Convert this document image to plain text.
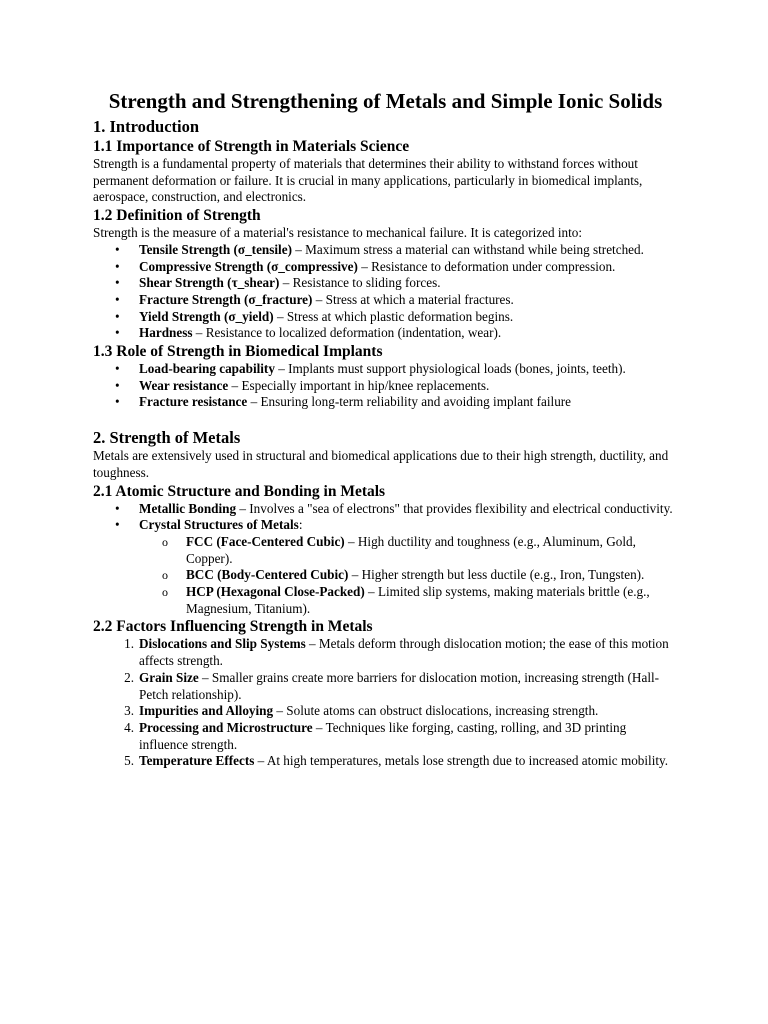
Strength and Strengthening of Metals and Simple Ionic Solids
1. Introduction
1.1 Importance of Strength in Materials Science

Strength is a fundamental property of materials that determines their ability to withstand forces without permanent deformation or failure. It is crucial in many applications, particularly in biomedical implants, aerospace, construction, and electronics.

1.2 Definition of Strength

Strength is the measure of a material's resistance to mechanical failure. It is categorized into:

• Tensile Strength (σ_tensile) – Maximum stress a material can withstand while being stretched.
• Compressive Strength (σ_compressive) – Resistance to deformation under compression.
• Shear Strength (τ_shear) – Resistance to sliding forces.
• Fracture Strength (σ_fracture) – Stress at which a material fractures.
• Yield Strength (σ_yield) – Stress at which plastic deformation begins.
• Hardness – Resistance to localized deformation (indentation, wear).
1.3 Role of Strength in Biomedical Implants
• Load-bearing capability – Implants must support physiological loads (bones, joints, teeth).
• Wear resistance – Especially important in hip/knee replacements.
• Fracture resistance – Ensuring long-term reliability and avoiding implant failure
2. Strength of Metals

Metals are extensively used in structural and biomedical applications due to their high strength, ductility, and toughness.

2.1 Atomic Structure and Bonding in Metals
• Metallic Bonding – Involves a "sea of electrons" that provides flexibility and electrical conductivity.
• Crystal Structures of Metals:
o FCC (Face-Centered Cubic) – High ductility and toughness (e.g., Aluminum, Gold, Copper).
o BCC (Body-Centered Cubic) – Higher strength but less ductile (e.g., Iron, Tungsten).
o HCP (Hexagonal Close-Packed) – Limited slip systems, making materials brittle (e.g., Magnesium, Titanium).
2.2 Factors Influencing Strength in Metals
1. Dislocations and Slip Systems – Metals deform through dislocation motion; the ease of this motion affects strength.
2. Grain Size – Smaller grains create more barriers for dislocation motion, increasing strength (Hall-Petch relationship).
3. Impurities and Alloying – Solute atoms can obstruct dislocations, increasing strength.
4. Processing and Microstructure – Techniques like forging, casting, rolling, and 3D printing influence strength.
5. Temperature Effects – At high temperatures, metals lose strength due to increased atomic mobility.
